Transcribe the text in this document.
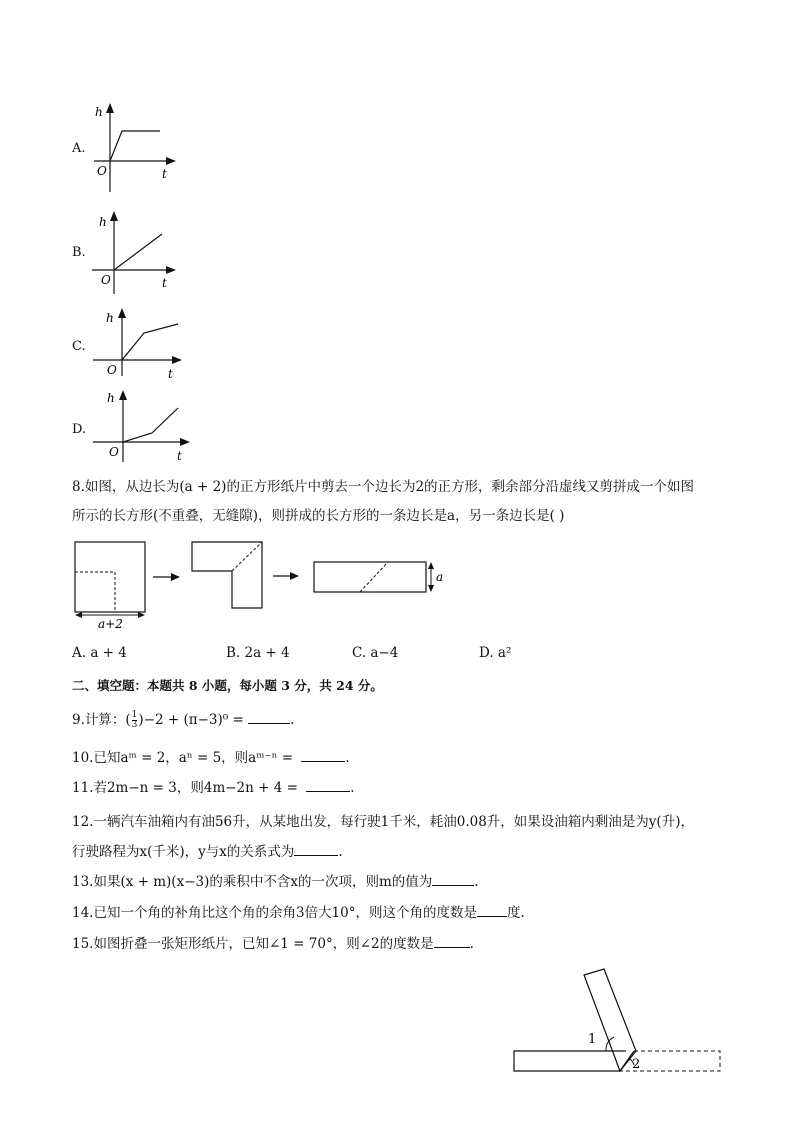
A.
h
O	t
B.
h
O	t
C.
h
O	t
D.
h
O	t
8.如图，从边长为(a + 2)的正方形纸片中剪去一个边长为2的正方形，剩余部分沿虚线又剪拼成一个如图
所示的长方形(不重叠，无缝隙)，则拼成的长方形的一条边长是a，另一条边长是( )
a+2
a
A. a + 4	B. 2a + 4	C. a−4	D. a²
二、填空题：本题共 8 小题，每小题 3 分，共 24 分。
9.计算：( $\frac{1}{3} )-2 + (\pi-3)^0$ =	.
10.已知aᵐ = 2，aⁿ = 5，则aᵐ⁻ⁿ =	.
11.若2m−n = 3，则4m−2n + 4 =	.
12.一辆汽车油箱内有油56升，从某地出发，每行驶1千米，耗油0.08升，如果设油箱内剩油是为y(升)，
行驶路程为x(千米)，y与x的关系式为	.
13.如果(x + m)(x−3)的乘积中不含x的一次项，则m的值为	.
14.已知一个角的补角比这个角的余角3倍大10°，则这个角的度数是 度.
15.如图折叠一张矩形纸片，已知∠1 = 70°，则∠2的度数是	.
1
2
